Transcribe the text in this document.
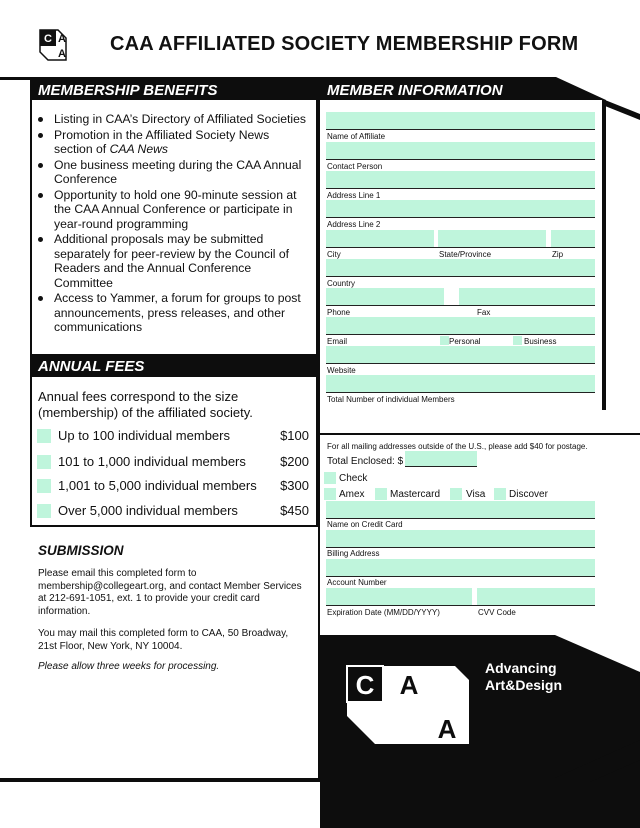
C A
A CAA AFFILIATED SOCIETY MEMBERSHIP FORM
MEMBERSHIP BENEFITS
Listing in CAA’s Directory of Affiliated Societies
Promotion in the Affiliated Society News section of CAA News
One business meeting during the CAA Annual Conference
Opportunity to hold one 90-minute session at the CAA Annual Conference or participate in year-round programming
Additional proposals may be submitted separately for peer-review by the Council of Readers and the Annual Conference Committee
Access to Yammer, a forum for groups to post announcements, press releases, and other communications
ANNUAL FEES
Annual fees correspond to the size (membership) of the affiliated society.
Up to 100 individual members	$100
101 to 1,000 individual members	$200
1,001 to 5,000 individual members $300
Over 5,000 individual members	$450
SUBMISSION
Please email this completed form to membership@collegeart.org, and contact Member Services at 212-691-1051, ext. 1 to provide your credit card information.
You may mail this completed form to CAA, 50 Broadway, 21st Floor, New York, NY 10004.
Please allow three weeks for processing.
MEMBER INFORMATION
Name of Affiliate
Contact Person
Address Line 1
Address Line 2
City	State/Province	Zip
Country
Phone	Fax
Email	Personal	Business
Website
Total Number of individual Members
PAYMENT
For all mailing addresses outside of the U.S., please add $40 for postage.
Total Enclosed: $
Check
Amex	Mastercard	Visa Discover
Name on Credit Card
Billing Address
Account Number
Expiration Date (MM/DD/YYYY)	CVV Code
C A
A
Advancing
Art&Design
